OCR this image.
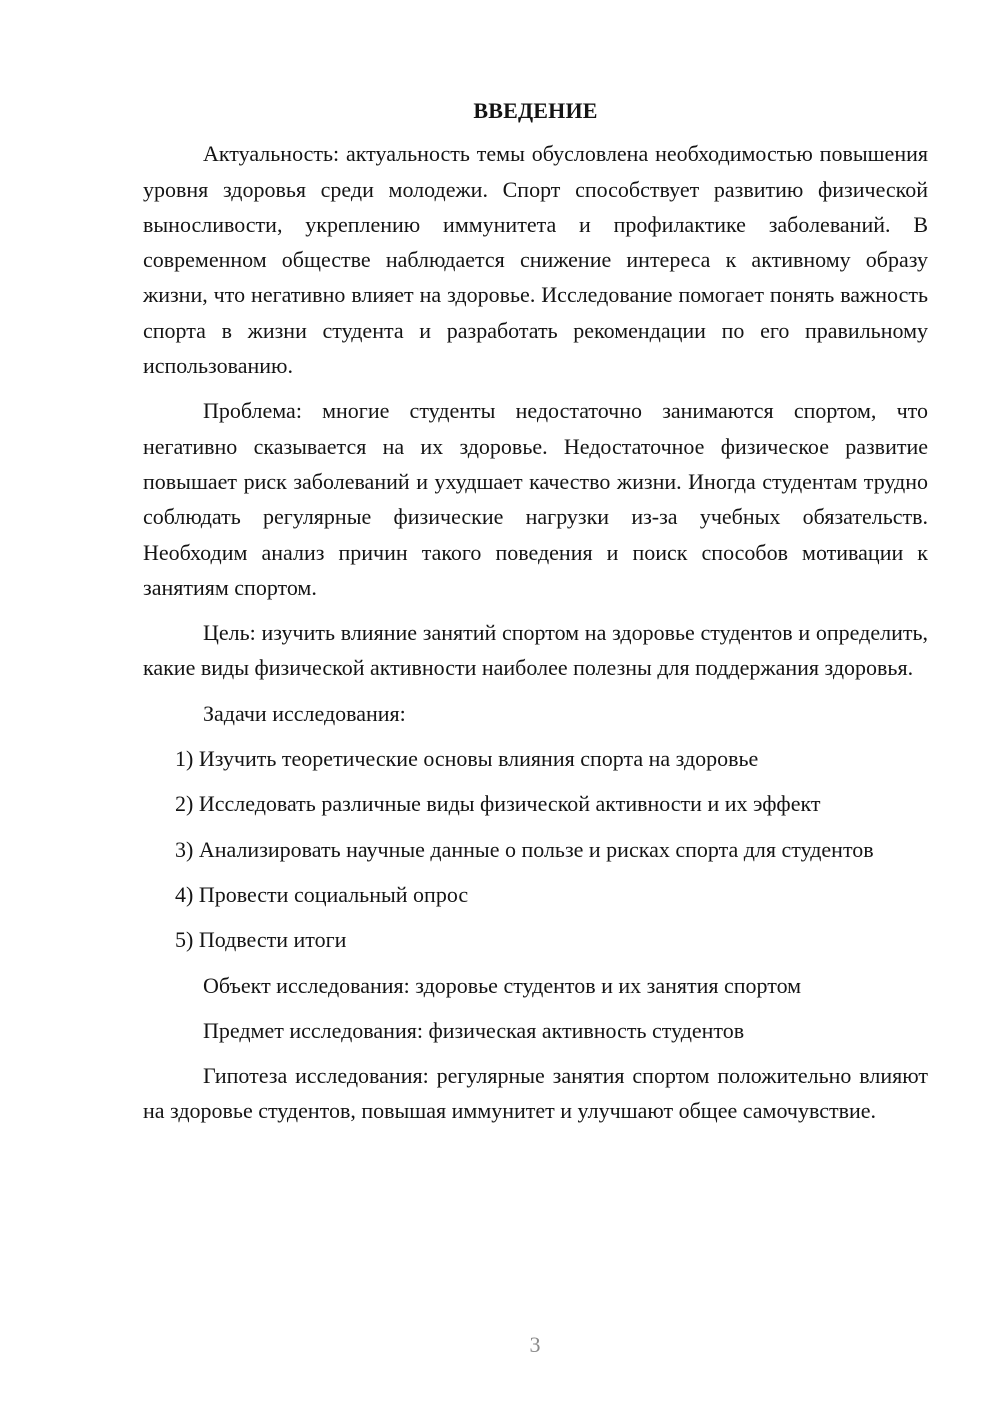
ВВЕДЕНИЕ

Актуальность: актуальность темы обусловлена необходимостью повышения уровня здоровья среди молодежи. Спорт способствует развитию физической выносливости, укреплению иммунитета и профилактике заболеваний. В современном обществе наблюдается снижение интереса к активному образу жизни, что негативно влияет на здоровье. Исследование помогает понять важность спорта в жизни студента и разработать рекомендации по его правильному использованию.

Проблема: многие студенты недостаточно занимаются спортом, что негативно сказывается на их здоровье. Недостаточное физическое развитие повышает риск заболеваний и ухудшает качество жизни. Иногда студентам трудно соблюдать регулярные физические нагрузки из-за учебных обязательств. Необходим анализ причин такого поведения и поиск способов мотивации к занятиям спортом.

Цель: изучить влияние занятий спортом на здоровье студентов и определить, какие виды физической активности наиболее полезны для поддержания здоровья.

Задачи исследования:

1) Изучить теоретические основы влияния спорта на здоровье

2) Исследовать различные виды физической активности и их эффект

3) Анализировать научные данные о пользе и рисках спорта для студентов

4) Провести социальный опрос

5) Подвести итоги

Объект исследования: здоровье студентов и их занятия спортом

Предмет исследования: физическая активность студентов

Гипотеза исследования: регулярные занятия спортом положительно влияют на здоровье студентов, повышая иммунитет и улучшают общее самочувствие.

3
